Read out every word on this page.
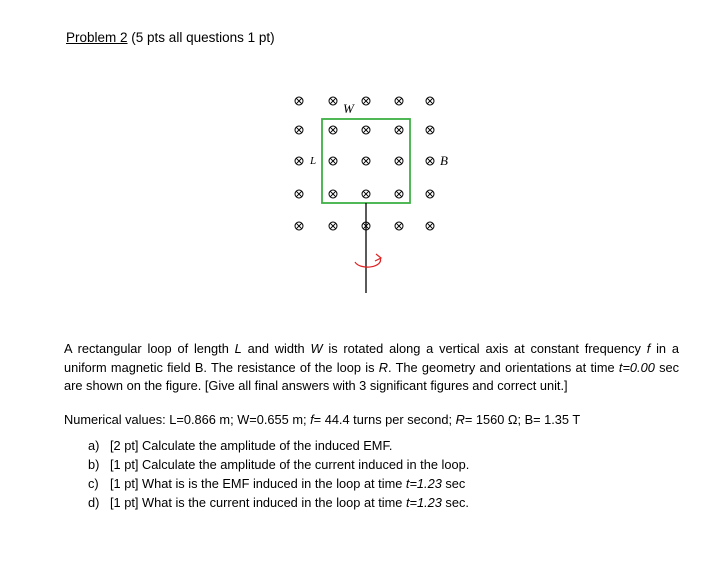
Problem 2 (5 pts all questions 1 pt)
W
L	B
A rectangular loop of length L and width W is rotated along a vertical axis at constant frequency f in a uniform magnetic field B. The resistance of the loop is R. The geometry and orientations at time t=0.00 sec are shown on the figure. [Give all final answers with 3 significant figures and correct unit.]
Numerical values: L=0.866 m; W=0.655 m; f= 44.4 turns per second; R= 1560 Ω; B= 1.35 T
a) [2 pt] Calculate the amplitude of the induced EMF.
b) [1 pt] Calculate the amplitude of the current induced in the loop.
c) [1 pt] What is is the EMF induced in the loop at time t=1.23 sec
d) [1 pt] What is the current induced in the loop at time t=1.23 sec.
